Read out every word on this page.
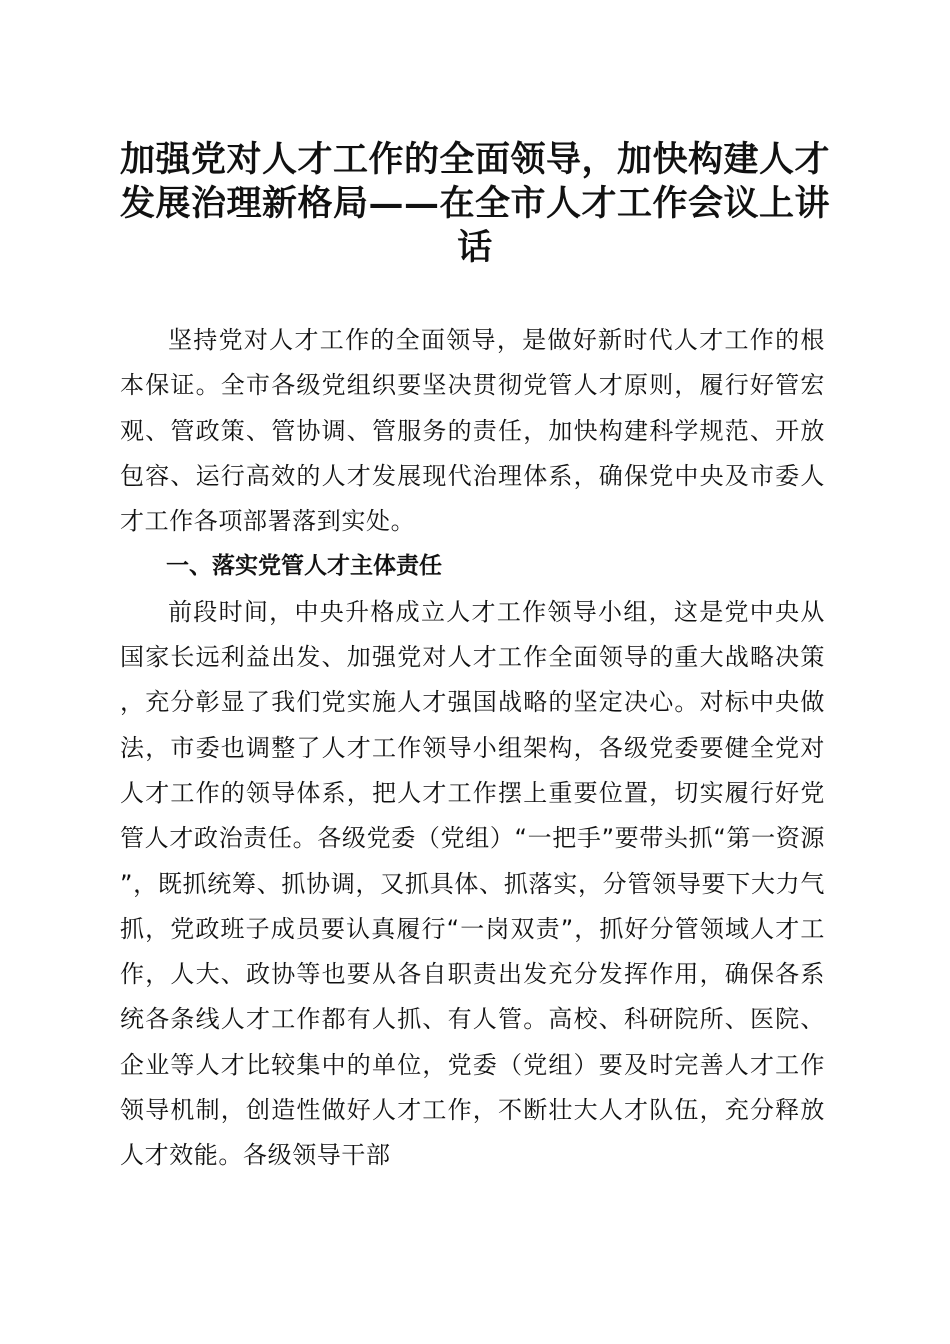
加强党对人才工作的全面领导，加快构建人才发展治理新格局——在全市人才工作会议上讲话

坚持党对人才工作的全面领导，是做好新时代人才工作的根本保证。全市各级党组织要坚决贯彻党管人才原则，履行好管宏观、管政策、管协调、管服务的责任，加快构建科学规范、开放包容、运行高效的人才发展现代治理体系，确保党中央及市委人才工作各项部署落到实处。

一、落实党管人才主体责任

前段时间，中央升格成立人才工作领导小组，这是党中央从国家长远利益出发、加强党对人才工作全面领导的重大战略决策，充分彰显了我们党实施人才强国战略的坚定决心。对标中央做法，市委也调整了人才工作领导小组架构，各级党委要健全党对人才工作的领导体系，把人才工作摆上重要位置，切实履行好党管人才政治责任。各级党委（党组）“一把手”要带头抓“第一资源”，既抓统筹、抓协调，又抓具体、抓落实，分管领导要下大力气抓，党政班子成员要认真履行“一岗双责”，抓好分管领域人才工作，人大、政协等也要从各自职责出发充分发挥作用，确保各系统各条线人才工作都有人抓、有人管。高校、科研院所、医院、企业等人才比较集中的单位，党委（党组）要及时完善人才工作领导机制，创造性做好人才工作，不断壮大人才队伍，充分释放人才效能。各级领导干部
